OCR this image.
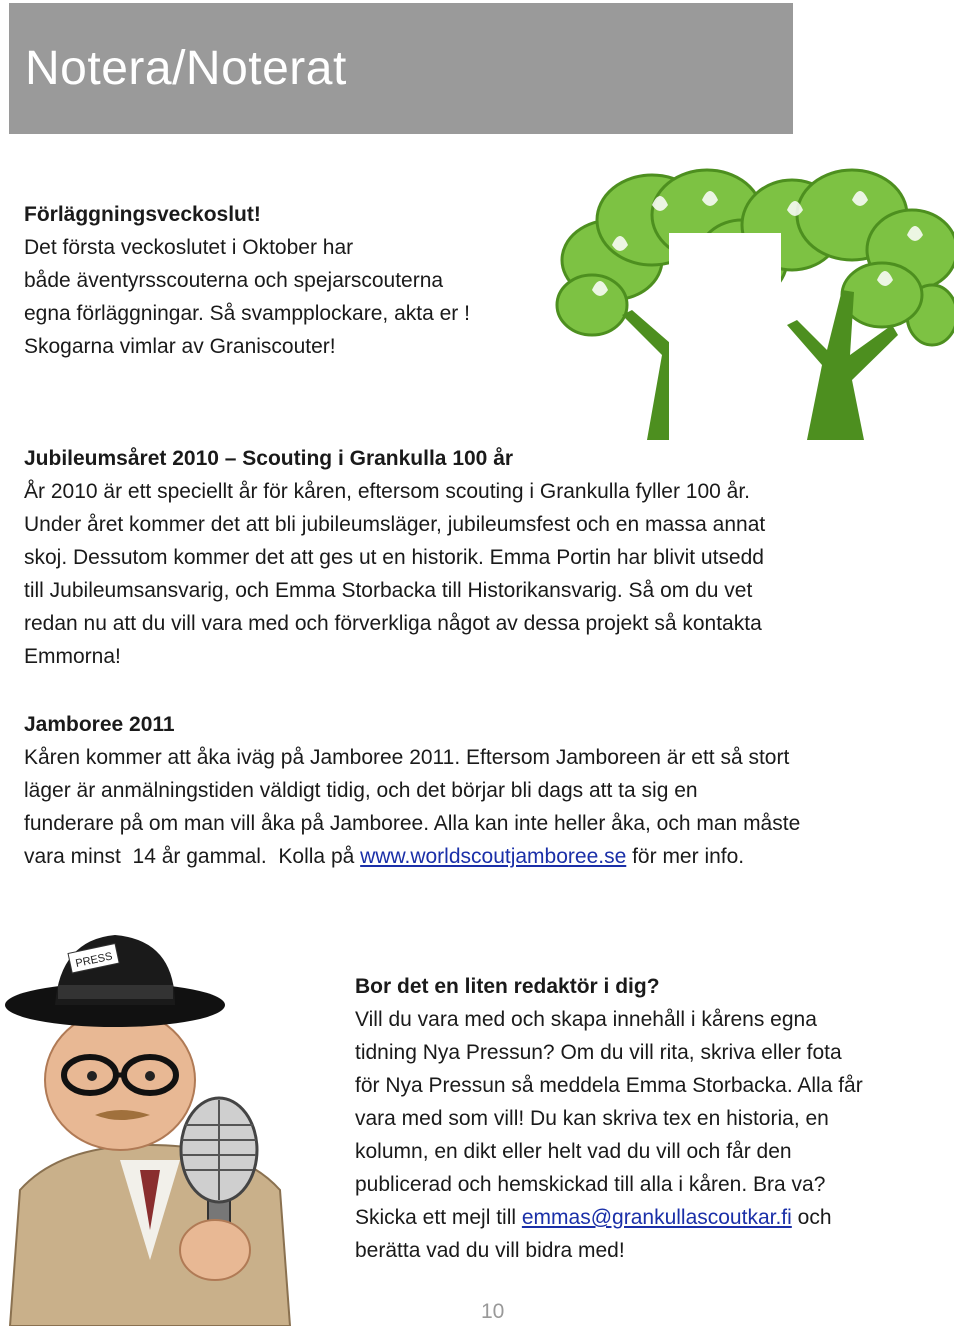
Notera/Noterat

Förläggningsveckoslut!

Det första veckoslutet i Oktober har

både äventyrsscouterna och spejarscouterna

egna förläggningar. Så svampplockare, akta er !

Skogarna vimlar av Graniscouter!

Jubileumsåret 2010 – Scouting i Grankulla 100 år

År 2010 är ett speciellt år för kåren, eftersom scouting i Grankulla fyller 100 år.

Under året kommer det att bli jubileumsläger, jubileumsfest och en massa annat

skoj. Dessutom kommer det att ges ut en historik. Emma Portin har blivit utsedd

till Jubileumsansvarig, och Emma Storbacka till Historikansvarig. Så om du vet

redan nu att du vill vara med och förverkliga något av dessa projekt så kontakta

Emmorna!

Jamboree 2011

Kåren kommer att åka iväg på Jamboree 2011. Eftersom Jamboreen är ett så stort

läger är anmälningstiden väldigt tidig, och det börjar bli dags att ta sig en

funderare på om man vill åka på Jamboree. Alla kan inte heller åka, och man måste

vara minst  14 år gammal.  Kolla på www.worldscoutjamboree.se för mer info.

PRESS

Bor det en liten redaktör i dig?

Vill du vara med och skapa innehåll i kårens egna

tidning Nya Pressun? Om du vill rita, skriva eller fota

för Nya Pressun så meddela Emma Storbacka. Alla får

vara med som vill! Du kan skriva tex en historia, en

kolumn, en dikt eller helt vad du vill och får den

publicerad och hemskickad till alla i kåren. Bra va?

Skicka ett mejl till emmas@grankullascoutkar.fi och

berätta vad du vill bidra med!

10
